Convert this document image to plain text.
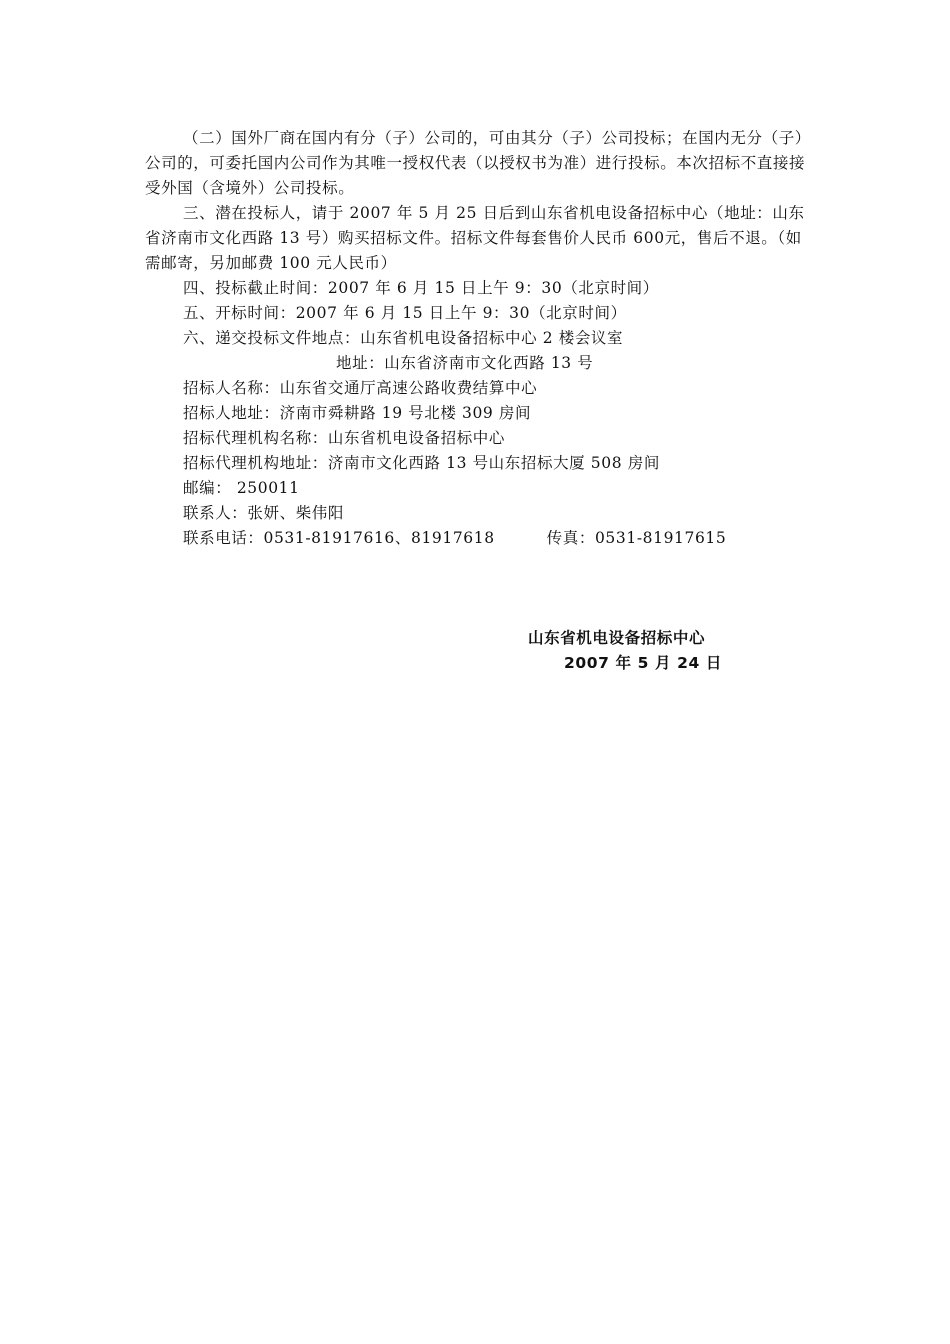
（二）国外厂商在国内有分（子）公司的，可由其分（子）公司投标；在国内无分（子）公司的，可委托国内公司作为其唯一授权代表（以授权书为准）进行投标。本次招标不直接接受外国（含境外）公司投标。

三、潜在投标人，请于 2007 年 5 月 25 日后到山东省机电设备招标中心（地址：山东省济南市文化西路 13 号）购买招标文件。招标文件每套售价人民币 600元，售后不退。（如需邮寄，另加邮费 100 元人民币）

四、投标截止时间：2007 年 6 月 15 日上午 9：30（北京时间）

五、开标时间：2007 年 6 月 15 日上午 9：30（北京时间）

六、递交投标文件地点：山东省机电设备招标中心 2 楼会议室

地址：山东省济南市文化西路 13 号

招标人名称：山东省交通厅高速公路收费结算中心

招标人地址：济南市舜耕路 19 号北楼 309 房间

招标代理机构名称：山东省机电设备招标中心

招标代理机构地址：济南市文化西路 13 号山东招标大厦 508 房间

邮编： 250011

联系人：张妍、柴伟阳

联系电话：0531-81917616、81917618	传真：0531-81917615

山东省机电设备招标中心
2007 年 5 月 24 日
